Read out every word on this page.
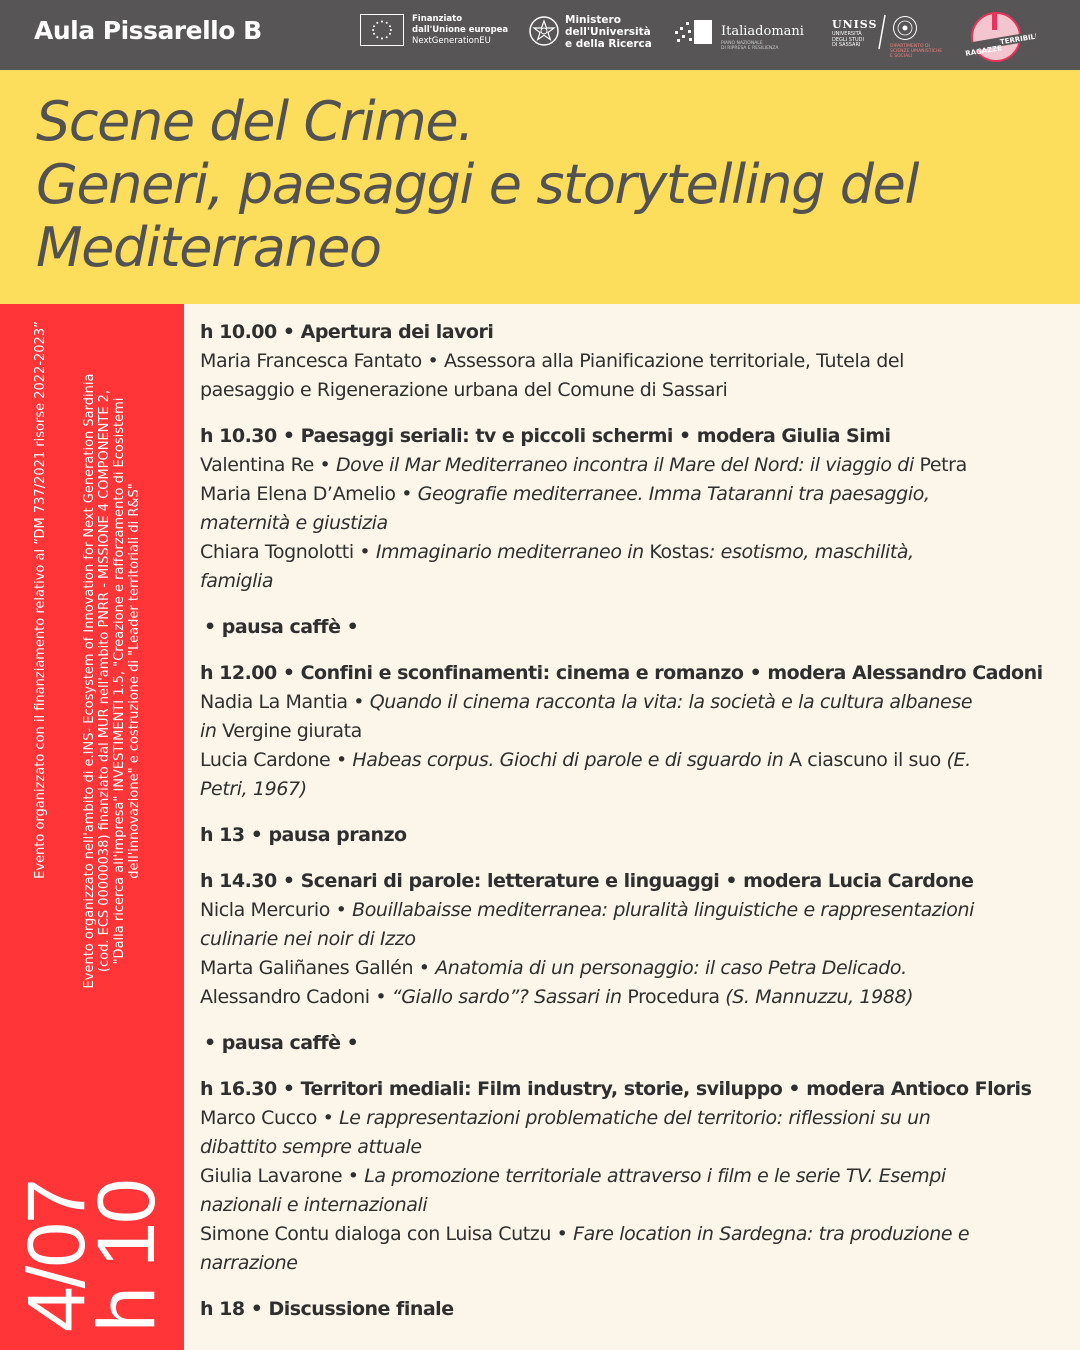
Aula Pissarello B	Finanziato
dall'Unione europea
NextGenerationEU
Ministero
dell'Università
e della Ricerca
Italiadomani
PIANO NAZIONALE
DI RIPRESA E RESILIENZA
UNISS
UNIVERSITÀ
DEGLI STUDI
DI SASSARI	DIPARTIMENTO DI
SCIENZE UMANISTICHE
E SOCIALI	RAGAZZE
TERRIBILI
Scene del Crime.
Generi, paesaggi e storytelling del
Mediterraneo
Evento organizzato con il finanziamento relativo al “DM 737/2021 risorse 2022-2023”	Evento organizzato nell'ambito di e.INS- Ecosystem of Innovation for Next Generation Sardinia (cod. ECS 00000038) finanziato dal MUR nell'ambito PNRR - MISSIONE 4 COMPONENTE 2, "Dalla ricerca all'impresa" INVESTIMENTI 1.5, "Creazione e rafforzamento di Ecosistemi dell'innovazione" e costruzione di "Leader territoriali di R&S"
4/07
h 10
h 10.00 • Apertura dei lavori
Maria Francesca Fantato • Assessora alla Pianificazione territoriale, Tutela del
paesaggio e Rigenerazione urbana del Comune di Sassari
h 10.30 • Paesaggi seriali: tv e piccoli schermi • modera Giulia Simi
Valentina Re • Dove il Mar Mediterraneo incontra il Mare del Nord: il viaggio di Petra
Maria Elena D’Amelio • Geografie mediterranee. Imma Tataranni tra paesaggio,
maternità e giustizia
Chiara Tognolotti • Immaginario mediterraneo in Kostas: esotismo, maschilità,
famiglia
• pausa caffè •
h 12.00 • Confini e sconfinamenti: cinema e romanzo • modera Alessandro Cadoni
Nadia La Mantia • Quando il cinema racconta la vita: la società e la cultura albanese
in Vergine giurata
Lucia Cardone • Habeas corpus. Giochi di parole e di sguardo in A ciascuno il suo (E.
Petri, 1967)
h 13 • pausa pranzo
h 14.30 • Scenari di parole: letterature e linguaggi • modera Lucia Cardone
Nicla Mercurio • Bouillabaisse mediterranea: pluralità linguistiche e rappresentazioni
culinarie nei noir di Izzo
Marta Galiñanes Gallén • Anatomia di un personaggio: il caso Petra Delicado.
Alessandro Cadoni • “Giallo sardo”? Sassari in Procedura (S. Mannuzzu, 1988)
• pausa caffè •
h 16.30 • Territori mediali: Film industry, storie, sviluppo • modera Antioco Floris
Marco Cucco • Le rappresentazioni problematiche del territorio: riflessioni su un
dibattito sempre attuale
Giulia Lavarone • La promozione territoriale attraverso i film e le serie TV. Esempi
nazionali e internazionali
Simone Contu dialoga con Luisa Cutzu • Fare location in Sardegna: tra produzione e
narrazione
h 18 • Discussione finale
